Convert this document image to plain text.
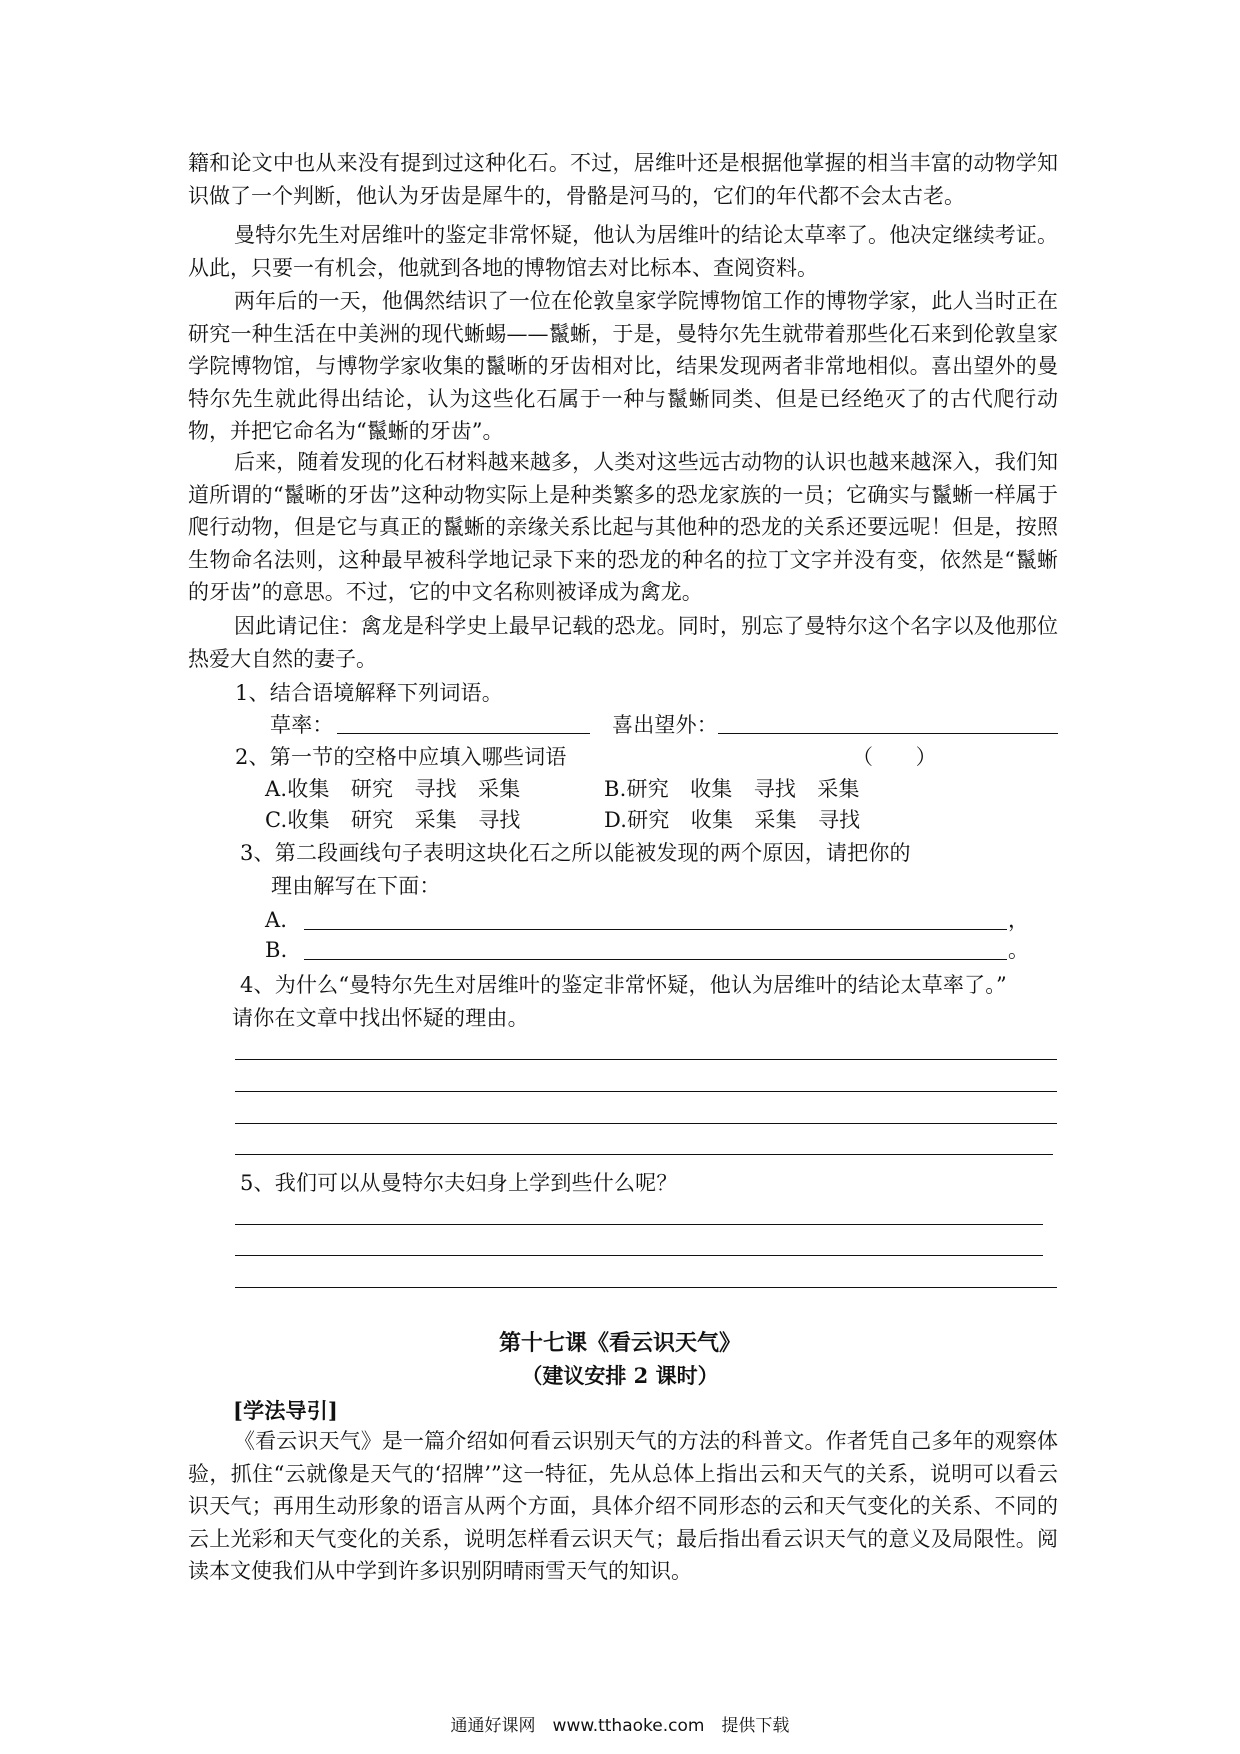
籍和论文中也从来没有提到过这种化石。不过，居维叶还是根据他掌握的相当丰富的动物学知识做了一个判断，他认为牙齿是犀牛的，骨骼是河马的，它们的年代都不会太古老。
曼特尔先生对居维叶的鉴定非常怀疑，他认为居维叶的结论太草率了。他决定继续考证。从此，只要一有机会，他就到各地的博物馆去对比标本、查阅资料。
两年后的一天，他偶然结识了一位在伦敦皇家学院博物馆工作的博物学家，此人当时正在研究一种生活在中美洲的现代蜥蜴——鬣蜥，于是，曼特尔先生就带着那些化石来到伦敦皇家学院博物馆，与博物学家收集的鬣晰的牙齿相对比，结果发现两者非常地相似。喜出望外的曼特尔先生就此得出结论，认为这些化石属于一种与鬣蜥同类、但是已经绝灭了的古代爬行动物，并把它命名为“鬣蜥的牙齿”。
后来，随着发现的化石材料越来越多，人类对这些远古动物的认识也越来越深入，我们知道所谓的“鬣晰的牙齿”这种动物实际上是种类繁多的恐龙家族的一员；它确实与鬣蜥一样属于爬行动物，但是它与真正的鬣蜥的亲缘关系比起与其他种的恐龙的关系还要远呢！但是，按照生物命名法则，这种最早被科学地记录下来的恐龙的种名的拉丁文字并没有变，依然是“鬣蜥的牙齿”的意思。不过，它的中文名称则被译成为禽龙。
因此请记住：禽龙是科学史上最早记载的恐龙。同时，别忘了曼特尔这个名字以及他那位热爱大自然的妻子。
1、结合语境解释下列词语。
草率：	喜出望外：
2、第一节的空格中应填入哪些词语	（　　）
A.收集　研究　寻找　采集	B.研究　收集　寻找　采集
C.收集　研究　采集　寻找	D.研究　收集　采集　寻找
3、第二段画线句子表明这块化石之所以能被发现的两个原因，请把你的
理由解写在下面：
A．	，
B．	。
4、为什么“曼特尔先生对居维叶的鉴定非常怀疑，他认为居维叶的结论太草率了。”
请你在文章中找出怀疑的理由。
5、我们可以从曼特尔夫妇身上学到些什么呢？
第十七课《看云识天气》
（建议安排 2 课时）
[学法导引]
《看云识天气》是一篇介绍如何看云识别天气的方法的科普文。作者凭自己多年的观察体验，抓住“云就像是天气的‘招牌’”这一特征，先从总体上指出云和天气的关系，说明可以看云识天气；再用生动形象的语言从两个方面，具体介绍不同形态的云和天气变化的关系、不同的云上光彩和天气变化的关系，说明怎样看云识天气；最后指出看云识天气的意义及局限性。阅读本文使我们从中学到许多识别阴晴雨雪天气的知识。
通通好课网　www.tthaoke.com　提供下载
